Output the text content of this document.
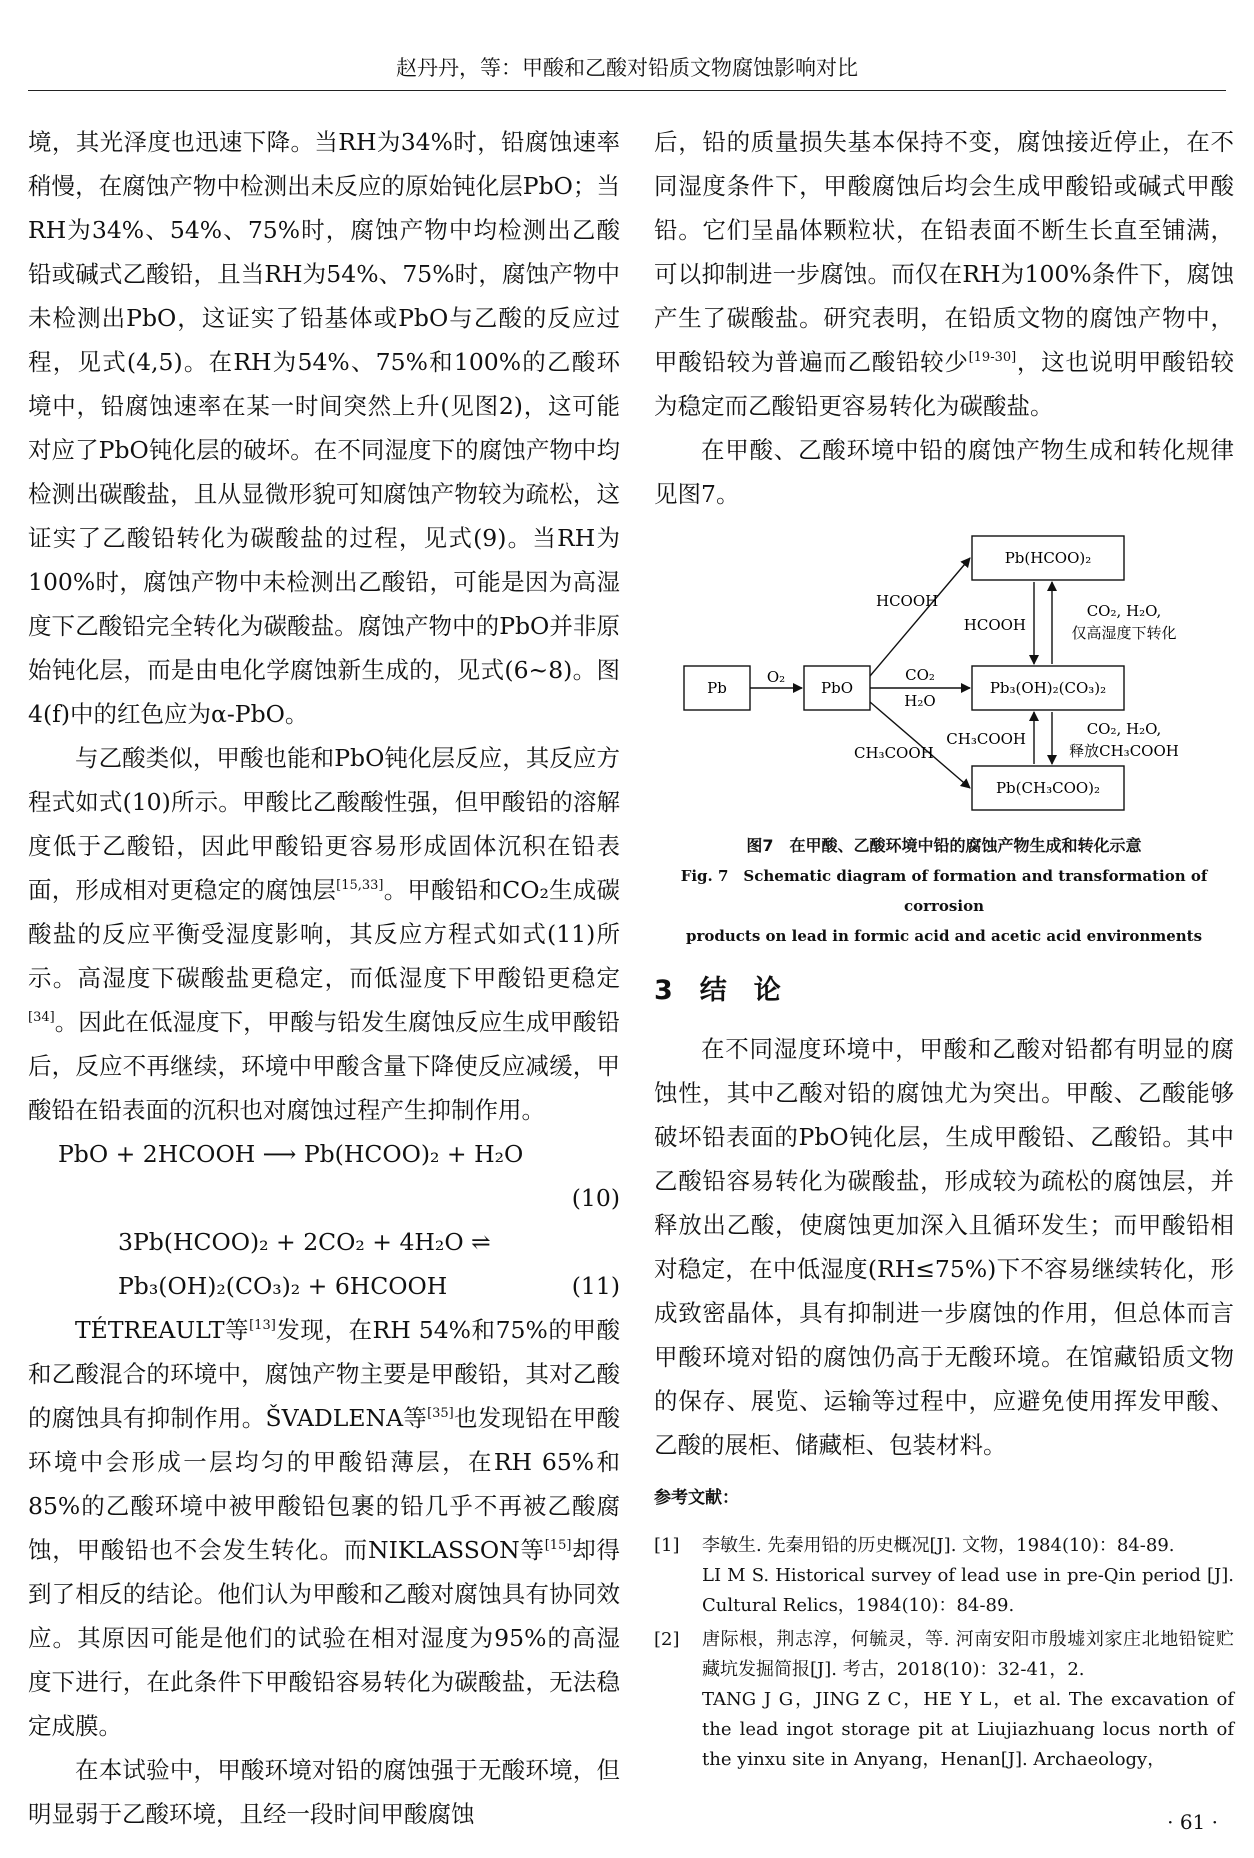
赵丹丹，等：甲酸和乙酸对铅质文物腐蚀影响对比

境，其光泽度也迅速下降。当RH为34%时，铅腐蚀速率稍慢，在腐蚀产物中检测出未反应的原始钝化层PbO；当RH为34%、54%、75%时，腐蚀产物中均检测出乙酸铅或碱式乙酸铅，且当RH为54%、75%时，腐蚀产物中未检测出PbO，这证实了铅基体或PbO与乙酸的反应过程，见式(4,5)。在RH为54%、75%和100%的乙酸环境中，铅腐蚀速率在某一时间突然上升(见图2)，这可能对应了PbO钝化层的破坏。在不同湿度下的腐蚀产物中均检测出碳酸盐，且从显微形貌可知腐蚀产物较为疏松，这证实了乙酸铅转化为碳酸盐的过程，见式(9)。当RH为100%时，腐蚀产物中未检测出乙酸铅，可能是因为高湿度下乙酸铅完全转化为碳酸盐。腐蚀产物中的PbO并非原始钝化层，而是由电化学腐蚀新生成的，见式(6~8)。图4(f)中的红色应为α-PbO。

与乙酸类似，甲酸也能和PbO钝化层反应，其反应方程式如式(10)所示。甲酸比乙酸酸性强，但甲酸铅的溶解度低于乙酸铅，因此甲酸铅更容易形成固体沉积在铅表面，形成相对更稳定的腐蚀层[15,33]。甲酸铅和CO₂生成碳酸盐的反应平衡受湿度影响，其反应方程式如式(11)所示。高湿度下碳酸盐更稳定，而低湿度下甲酸铅更稳定[34]。因此在低湿度下，甲酸与铅发生腐蚀反应生成甲酸铅后，反应不再继续，环境中甲酸含量下降使反应减缓，甲酸铅在铅表面的沉积也对腐蚀过程产生抑制作用。

PbO + 2HCOOH ⟶ Pb(HCOO)₂ + H₂O
(10)
3Pb(HCOO)₂ + 2CO₂ + 4H₂O ⇌
Pb₃(OH)₂(CO₃)₂ + 6HCOOH	(11)

TÉTREAULT等[13]发现，在RH 54%和75%的甲酸和乙酸混合的环境中，腐蚀产物主要是甲酸铅，其对乙酸的腐蚀具有抑制作用。ŠVADLENA等[35]也发现铅在甲酸环境中会形成一层均匀的甲酸铅薄层，在RH 65%和85%的乙酸环境中被甲酸铅包裹的铅几乎不再被乙酸腐蚀，甲酸铅也不会发生转化。而NIKLASSON等[15]却得到了相反的结论。他们认为甲酸和乙酸对腐蚀具有协同效应。其原因可能是他们的试验在相对湿度为95%的高湿度下进行，在此条件下甲酸铅容易转化为碳酸盐，无法稳定成膜。

在本试验中，甲酸环境对铅的腐蚀强于无酸环境，但明显弱于乙酸环境，且经一段时间甲酸腐蚀

后，铅的质量损失基本保持不变，腐蚀接近停止，在不同湿度条件下，甲酸腐蚀后均会生成甲酸铅或碱式甲酸铅。它们呈晶体颗粒状，在铅表面不断生长直至铺满，可以抑制进一步腐蚀。而仅在RH为100%条件下，腐蚀产生了碳酸盐。研究表明，在铅质文物的腐蚀产物中，甲酸铅较为普遍而乙酸铅较少[19-30]，这也说明甲酸铅较为稳定而乙酸铅更容易转化为碳酸盐。

在甲酸、乙酸环境中铅的腐蚀产物生成和转化规律见图7。

Pb	PbO
Pb(HCOO)₂
Pb₃(OH)₂(CO₃)₂
Pb(CH₃COO)₂
O₂
HCOOH
CO₂
H₂O
CH₃COOH
HCOOH
CO₂, H₂O,
仅高湿度下转化
CH₃COOH
CO₂, H₂O,
释放CH₃COOH
图7　在甲酸、乙酸环境中铅的腐蚀产物生成和转化示意
Fig. 7　Schematic diagram of formation and transformation of corrosion
products on lead in formic acid and acetic acid environments
3　结　论

在不同湿度环境中，甲酸和乙酸对铅都有明显的腐蚀性，其中乙酸对铅的腐蚀尤为突出。甲酸、乙酸能够破坏铅表面的PbO钝化层，生成甲酸铅、乙酸铅。其中乙酸铅容易转化为碳酸盐，形成较为疏松的腐蚀层，并释放出乙酸，使腐蚀更加深入且循环发生；而甲酸铅相对稳定，在中低湿度(RH≤75%)下不容易继续转化，形成致密晶体，具有抑制进一步腐蚀的作用，但总体而言甲酸环境对铅的腐蚀仍高于无酸环境。在馆藏铅质文物的保存、展览、运输等过程中，应避免使用挥发甲酸、乙酸的展柜、储藏柜、包装材料。

参考文献：
[1]	李敏生. 先秦用铅的历史概况[J]. 文物，1984(10)：84-89.
LI M S. Historical survey of lead use in pre-Qin period [J]. Cultural Relics，1984(10)：84-89.
[2]	唐际根，荆志淳，何毓灵，等. 河南安阳市殷墟刘家庄北地铅锭贮藏坑发掘简报[J]. 考古，2018(10)：32-41，2.
TANG J G，JING Z C，HE Y L，et al. The excavation of the lead ingot storage pit at Liujiazhuang locus north of the yinxu site in Anyang，Henan[J]. Archaeology，
· 61 ·
